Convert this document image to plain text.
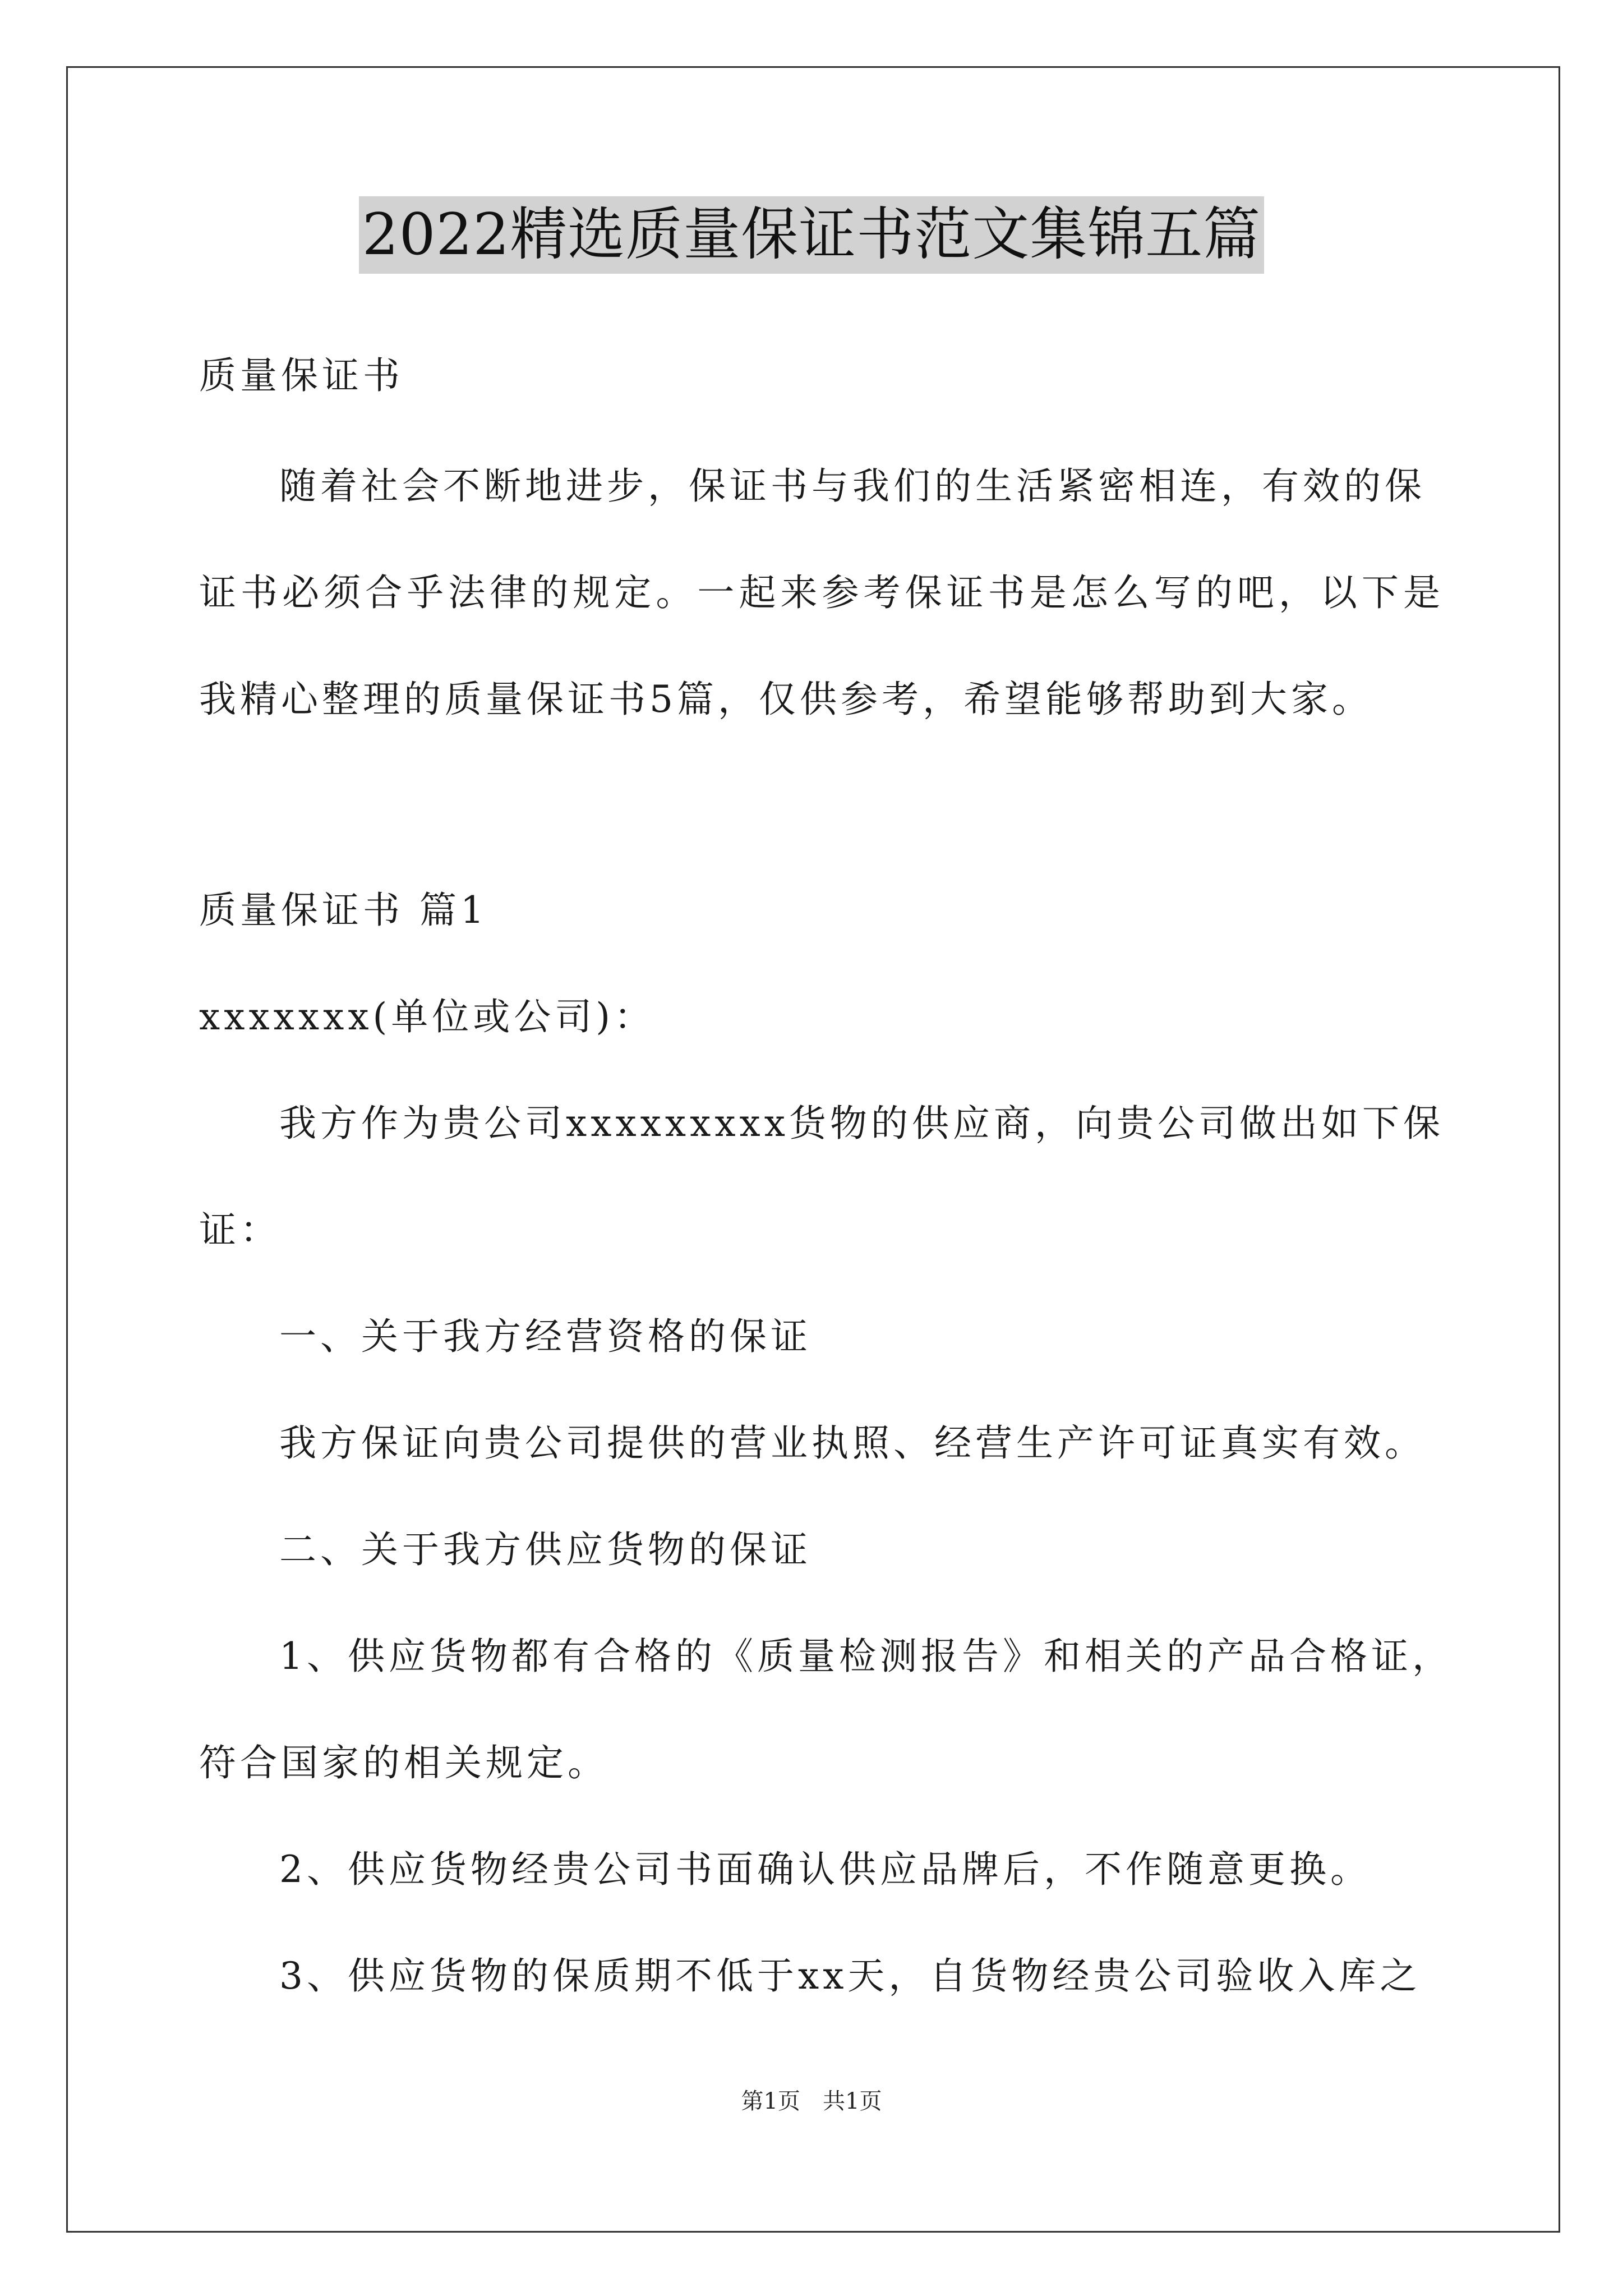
2022精选质量保证书范文集锦五篇
质量保证书
随着社会不断地进步，保证书与我们的生活紧密相连，有效的保
证书必须合乎法律的规定。一起来参考保证书是怎么写的吧，以下是
我精心整理的质量保证书5篇，仅供参考，希望能够帮助到大家。
质量保证书 篇1
xxxxxxx(单位或公司)：
我方作为贵公司xxxxxxxxx货物的供应商，向贵公司做出如下保
证：
一、关于我方经营资格的保证
我方保证向贵公司提供的营业执照、经营生产许可证真实有效。
二、关于我方供应货物的保证
1、供应货物都有合格的《质量检测报告》和相关的产品合格证，
符合国家的相关规定。
2、供应货物经贵公司书面确认供应品牌后，不作随意更换。
3、供应货物的保质期不低于xx天，自货物经贵公司验收入库之
第1页　共1页
